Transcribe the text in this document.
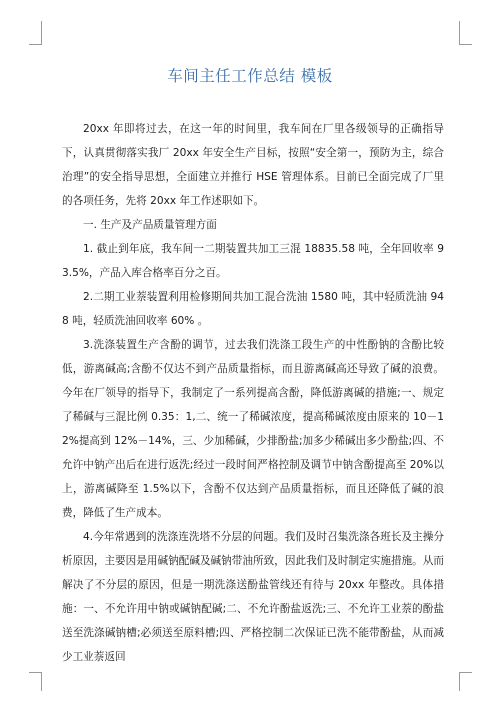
车间主任工作总结 模板

20xx 年即将过去，在这一年的时间里，我车间在厂里各级领导的正确指导下，认真贯彻落实我厂 20xx 年安全生产目标，按照“安全第一，预防为主，综合治理”的安全指导思想，全面建立并推行 HSE 管理体系。目前已全面完成了厂里的各项任务，先将 20xx 年工作述职如下。

一. 生产及产品质量管理方面

1. 截止到年底，我车间一二期装置共加工三混 18835.58 吨，全年回收率 93.5%，产品入库合格率百分之百。

2.二期工业萘装置利用检修期间共加工混合洗油 1580 吨，其中轻质洗油 948 吨，轻质洗油回收率 60% 。

3.洗涤装置生产含酚的调节，过去我们洗涤工段生产的中性酚钠的含酚比较低，游离碱高;含酚不仅达不到产品质量指标，而且游离碱高还导致了碱的浪费。今年在厂领导的指导下，我制定了一系列提高含酚，降低游离碱的措施;一、规定了稀碱与三混比例 0.35：1,二、统一了稀碱浓度，提高稀碱浓度由原来的 10－12%提高到 12%－14%，三、少加稀碱，少排酚盐;加多少稀碱出多少酚盐;四、不允许中钠产出后在进行返洗;经过一段时间严格控制及调节中钠含酚提高至 20%以上，游离碱降至 1.5%以下，含酚不仅达到产品质量指标，而且还降低了碱的浪费，降低了生产成本。

4.今年常遇到的洗涤连洗塔不分层的问题。我们及时召集洗涤各班长及主操分析原因，主要因是用碱钠配碱及碱钠带油所致，因此我们及时制定实施措施。从而解决了不分层的原因，但是一期洗涤送酚盐管线还有待与 20xx 年整改。具体措施：一、不允许用中钠或碱钠配碱;二、不允许酚盐返洗;三、不允许工业萘的酚盐送至洗涤碱钠槽;必须送至原料槽;四、严格控制二次保证已洗不能带酚盐，从而减少工业萘返回
